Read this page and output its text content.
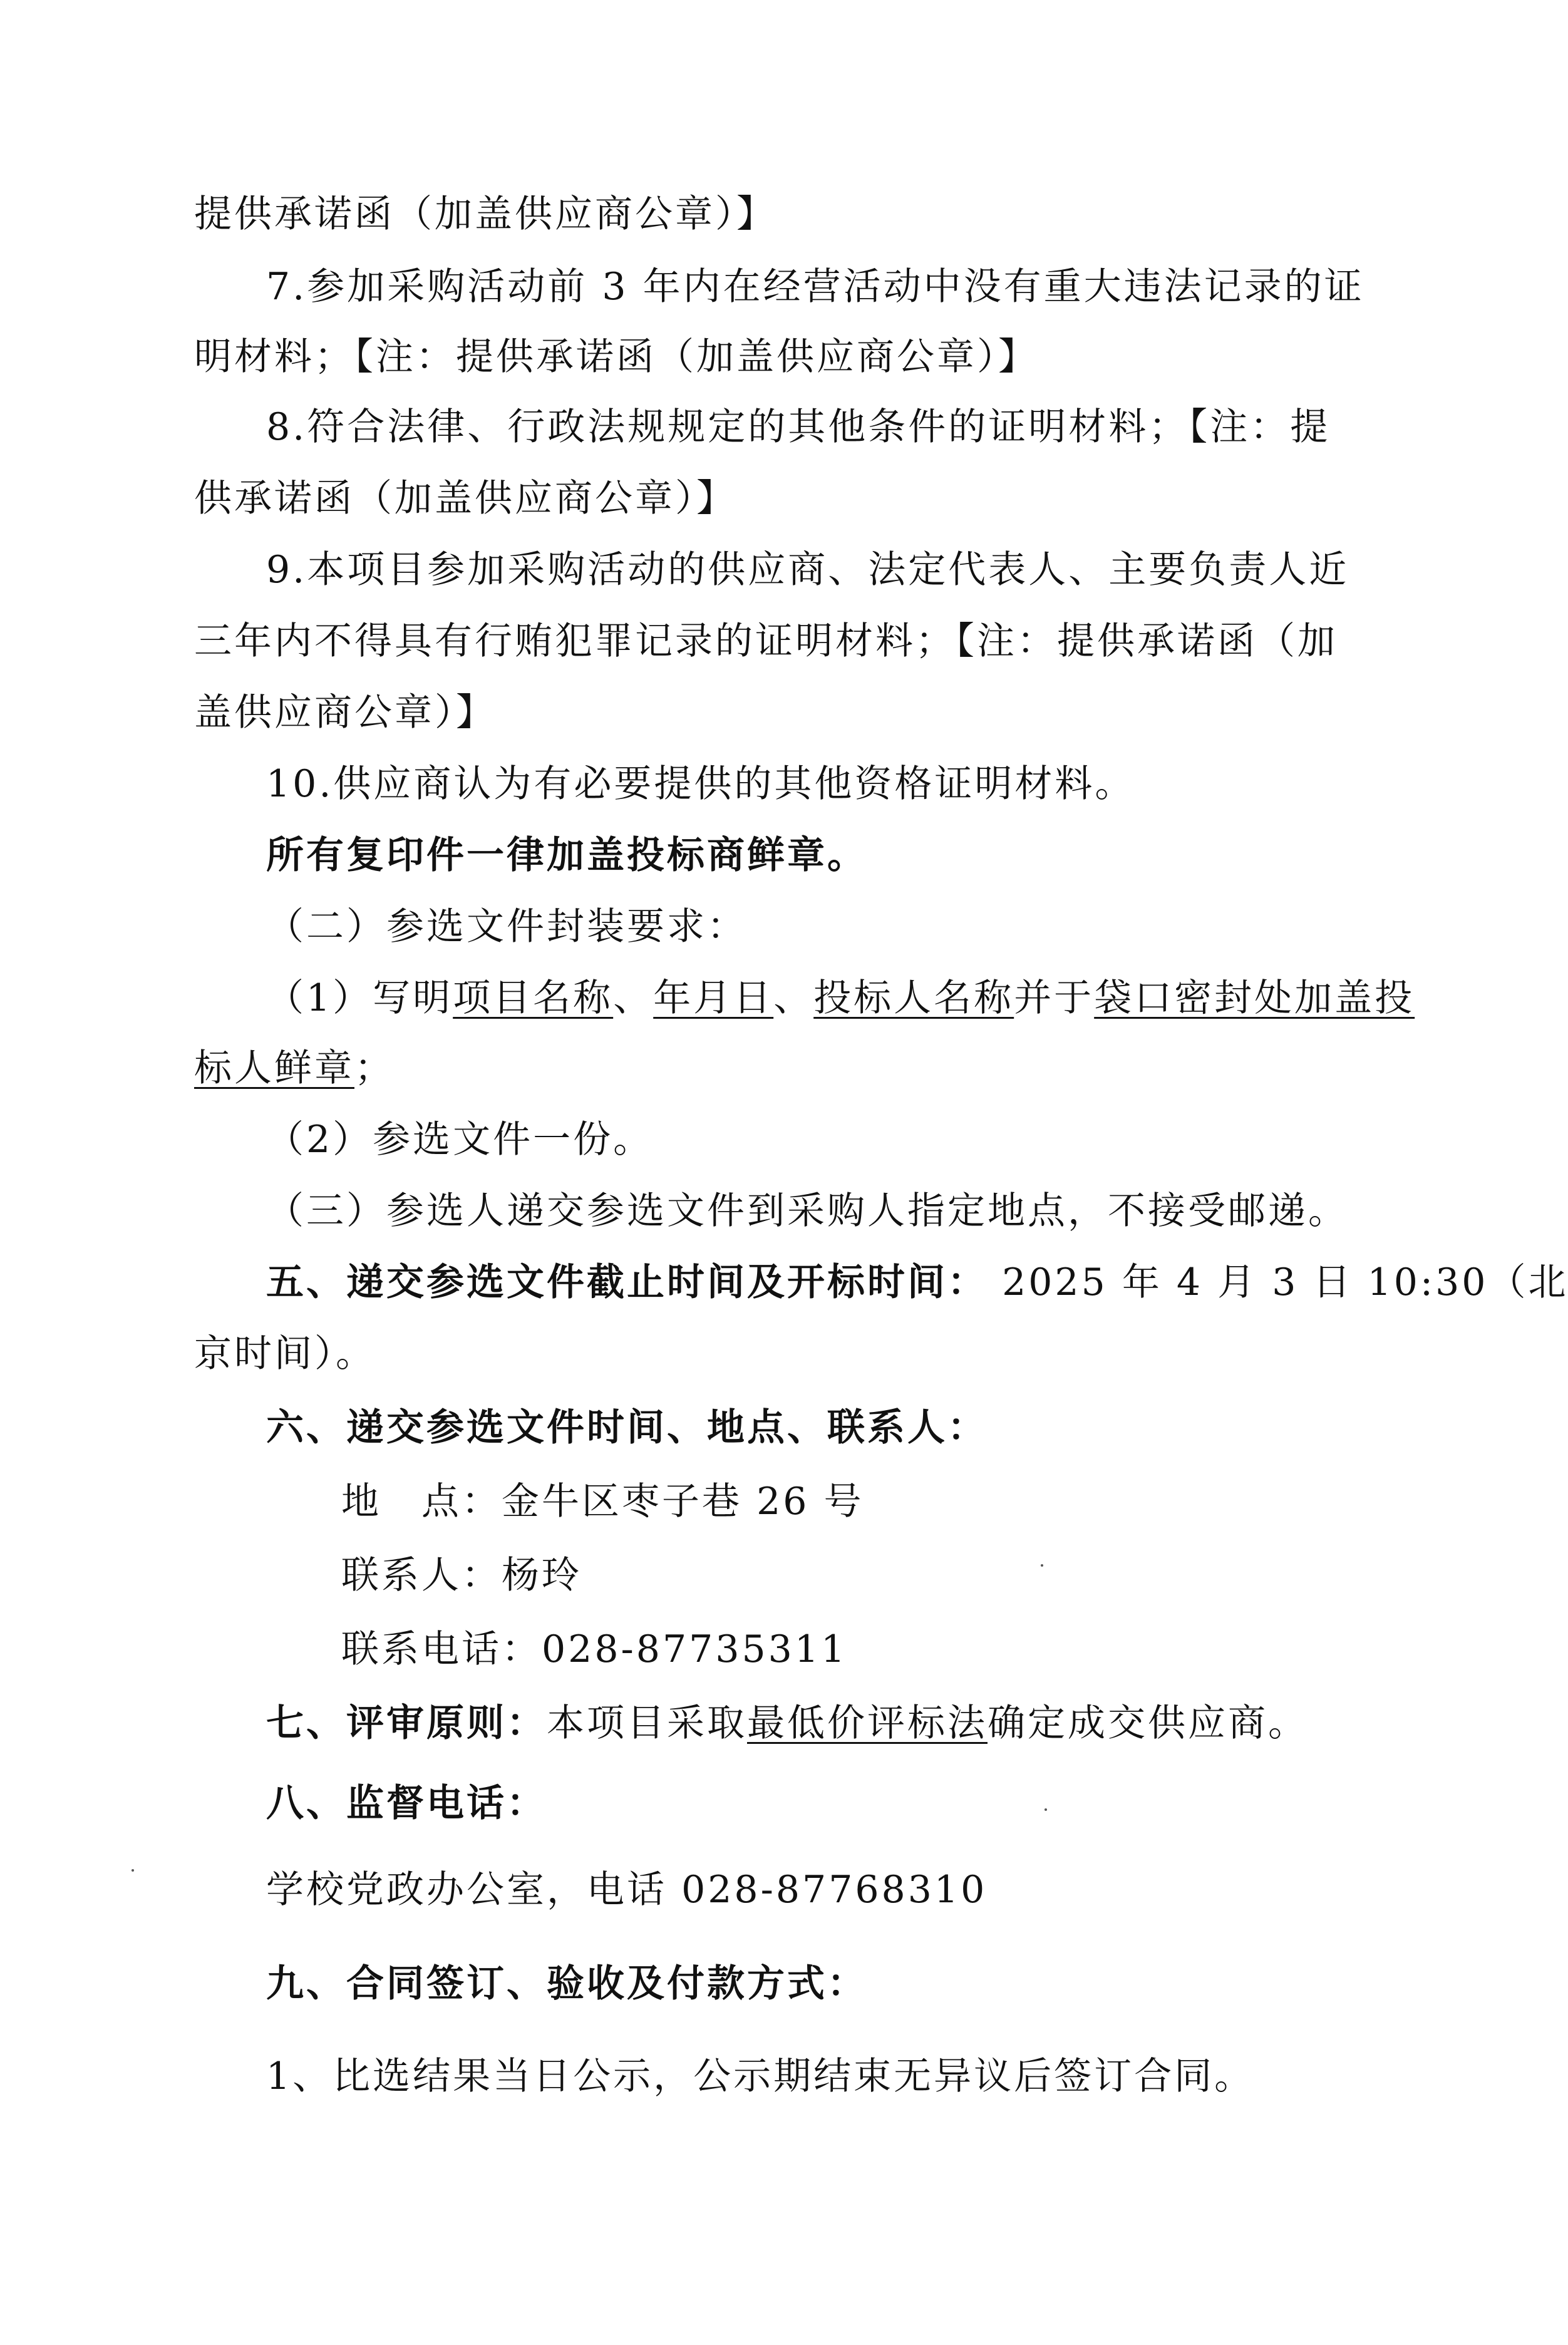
提供承诺函（加盖供应商公章）】
7.参加采购活动前 3 年内在经营活动中没有重大违法记录的证
明材料；【注：提供承诺函（加盖供应商公章）】
8.符合法律、行政法规规定的其他条件的证明材料；【注：提
供承诺函（加盖供应商公章）】
9.本项目参加采购活动的供应商、法定代表人、主要负责人近
三年内不得具有行贿犯罪记录的证明材料；【注：提供承诺函（加
盖供应商公章）】
10.供应商认为有必要提供的其他资格证明材料。
所有复印件一律加盖投标商鲜章。
（二）参选文件封装要求：
（1）写明项目名称、年月日、投标人名称并于袋口密封处加盖投
标人鲜章；
（2）参选文件一份。
（三）参选人递交参选文件到采购人指定地点，不接受邮递。
五、递交参选文件截止时间及开标时间： 2025 年 4 月 3 日 10:30（北
京时间）。
六、递交参选文件时间、地点、联系人：
地　点：金牛区枣子巷 26 号
联系人：杨玲
联系电话：028-87735311
七、评审原则：本项目采取最低价评标法确定成交供应商。
八、监督电话：
学校党政办公室，电话 028-87768310
九、合同签订、验收及付款方式：
1、比选结果当日公示，公示期结束无异议后签订合同。
